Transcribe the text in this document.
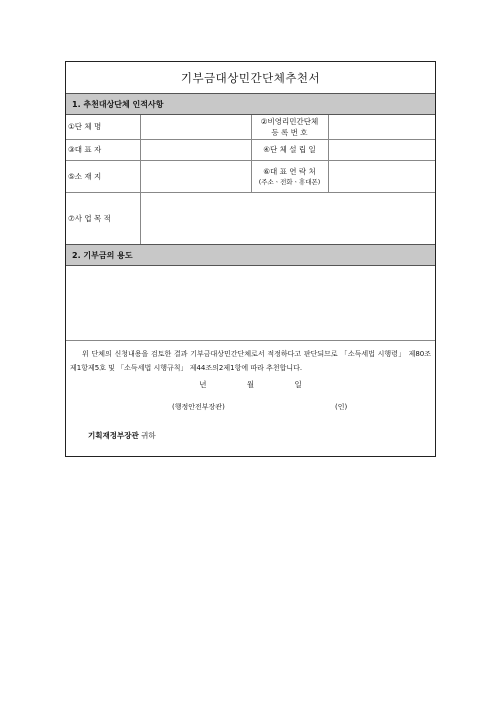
기부금대상민간단체추천서
1. 추천대상단체 인적사항
①단 체 명		②비영리민간단체
등 록 번 호	

③대 표 자		④단 체 설 립 일	
⑤소 재 지		⑥대 표 연 락 처
(주소ㆍ전화ㆍ휴대폰)	

⑦사 업 목 적			
2. 기부금의 용도
위 단체의 신청내용을 검토한 결과 기부금대상민간단체로서 적정하다고 판단되므로 「소득세법 시행령」 제80조제1항제5호 및 「소득세법 시행규칙」 제44조의2제1항에 따라 추천합니다.
년	월	일
(행정안전부장관)	(인)
기획재정부장관 귀하
